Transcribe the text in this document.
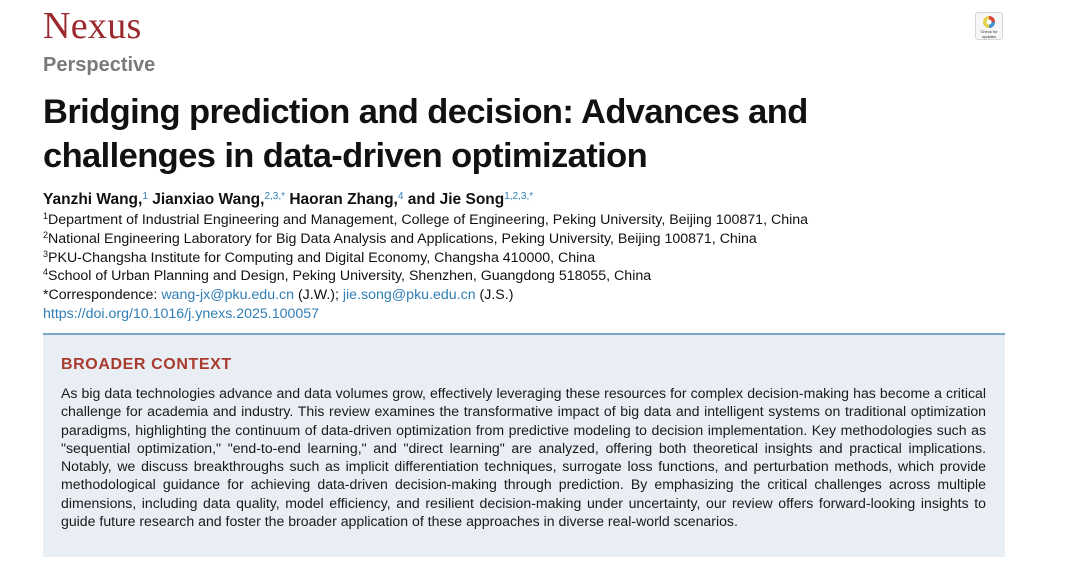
Nexus
Perspective
Check for updates
Bridging prediction and decision: Advances and challenges in data-driven optimization
Yanzhi Wang,$^1$ Jianxiao Wang,$^{2,3,*}$ Haoran Zhang,$^4$ and Jie Song$^{1,2,3,*}$
$^1$Department of Industrial Engineering and Management, College of Engineering, Peking University, Beijing 100871, China
$^2$National Engineering Laboratory for Big Data Analysis and Applications, Peking University, Beijing 100871, China
$^3$PKU-Changsha Institute for Computing and Digital Economy, Changsha 410000, China
$^4$School of Urban Planning and Design, Peking University, Shenzhen, Guangdong 518055, China
*Correspondence: wang-jx@pku.edu.cn (J.W.); jie.song@pku.edu.cn (J.S.)
https://doi.org/10.1016/j.ynexs.2025.100057
BROADER CONTEXT

As big data technologies advance and data volumes grow, effectively leveraging these resources for complex decision-making has become a critical challenge for academia and industry. This review examines the transformative impact of big data and intelligent systems on traditional optimization paradigms, highlighting the continuum of data-driven optimization from predictive modeling to decision implementation. Key methodologies such as "sequential optimization," "end-to-end learning," and "direct learning" are analyzed, offering both theoretical insights and practical implications. Notably, we discuss breakthroughs such as implicit differentiation techniques, surrogate loss functions, and perturbation methods, which provide methodological guidance for achieving data-driven decision-making through prediction. By emphasizing the critical challenges across multiple dimensions, including data quality, model efficiency, and resilient decision-making under uncertainty, our review offers forward-looking insights to guide future research and foster the broader application of these approaches in diverse real-world scenarios.
